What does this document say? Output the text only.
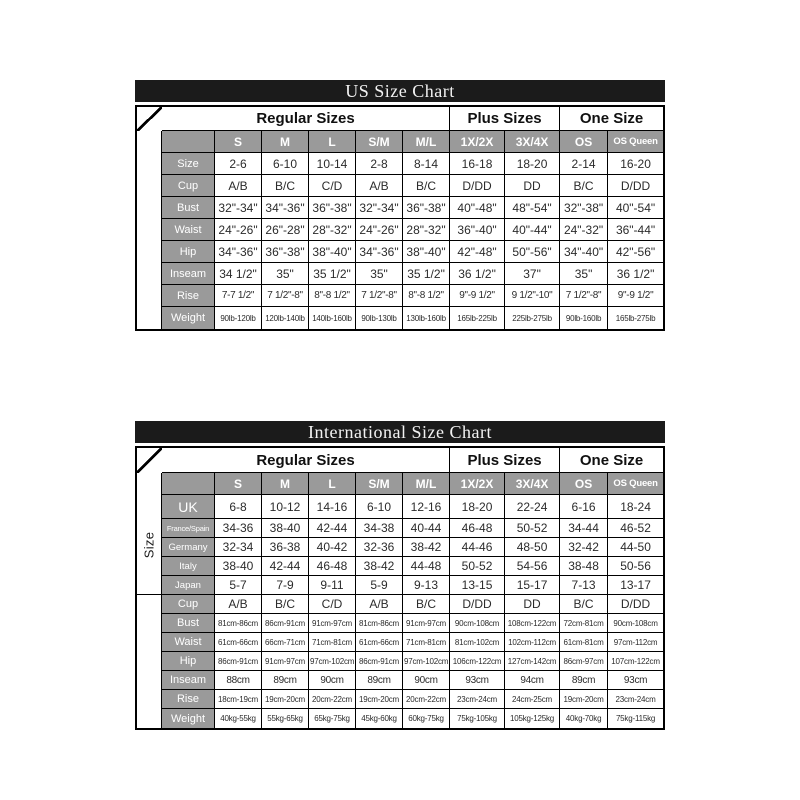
US Size Chart
	Regular Sizes						Plus Sizes		One Size	
		S	M	L	S/M	M/L	1X/2X	3X/4X	OS	OS Queen
	Size	2-6	6-10	10-14	2-8	8-14	16-18	18-20	2-14	16-20
	Cup	A/B	B/C	C/D	A/B	B/C	D/DD	DD	B/C	D/DD
	Bust	32"-34"	34"-36"	36"-38"	32"-34"	36"-38"	40"-48"	48"-54"	32"-38"	40"-54"
	Waist	24"-26"	26"-28"	28"-32"	24"-26"	28"-32"	36"-40"	40"-44"	24"-32"	36"-44"
	Hip	34"-36"	36"-38"	38"-40"	34"-36"	38"-40"	42"-48"	50"-56"	34"-40"	42"-56"
	Inseam	34 1/2"	35"	35 1/2"	35"	35 1/2"	36 1/2"	37"	35"	36 1/2"
	Rise	7-7 1/2"	7 1/2"-8"	8"-8 1/2"	7 1/2"-8"	8"-8 1/2"	9"-9 1/2"	9 1/2"-10"	7 1/2"-8"	9"-9 1/2"
	Weight	90lb-120lb	120lb-140lb	140lb-160lb	90lb-130lb	130lb-160lb	165lb-225lb	225lb-275lb	90lb-160lb	165lb-275lb
International Size Chart
	Regular Sizes						Plus Sizes		One Size	
		S	M	L	S/M	M/L	1X/2X	3X/4X	OS	OS Queen

Size	UK	6-8	10-12	14-16	6-10	12-16	18-20	22-24	6-16	18-24
	France/Spain	34-36	38-40	42-44	34-38	40-44	46-48	50-52	34-44	46-52
	Germany	32-34	36-38	40-42	32-36	38-42	44-46	48-50	32-42	44-50
	Italy	38-40	42-44	46-48	38-42	44-48	50-52	54-56	38-48	50-56
	Japan	5-7	7-9	9-11	5-9	9-13	13-15	15-17	7-13	13-17
	Cup	A/B	B/C	C/D	A/B	B/C	D/DD	DD	B/C	D/DD
	Bust	81cm-86cm	86cm-91cm	91cm-97cm	81cm-86cm	91cm-97cm	90cm-108cm	108cm-122cm	72cm-81cm	90cm-108cm
	Waist	61cm-66cm	66cm-71cm	71cm-81cm	61cm-66cm	71cm-81cm	81cm-102cm	102cm-112cm	61cm-81cm	97cm-112cm
	Hip	86cm-91cm	91cm-97cm	97cm-102cm	86cm-91cm	97cm-102cm	106cm-122cm	127cm-142cm	86cm-97cm	107cm-122cm
	Inseam	88cm	89cm	90cm	89cm	90cm	93cm	94cm	89cm	93cm
	Rise	18cm-19cm	19cm-20cm	20cm-22cm	19cm-20cm	20cm-22cm	23cm-24cm	24cm-25cm	19cm-20cm	23cm-24cm
	Weight	40kg-55kg	55kg-65kg	65kg-75kg	45kg-60kg	60kg-75kg	75kg-105kg	105kg-125kg	40kg-70kg	75kg-115kg
